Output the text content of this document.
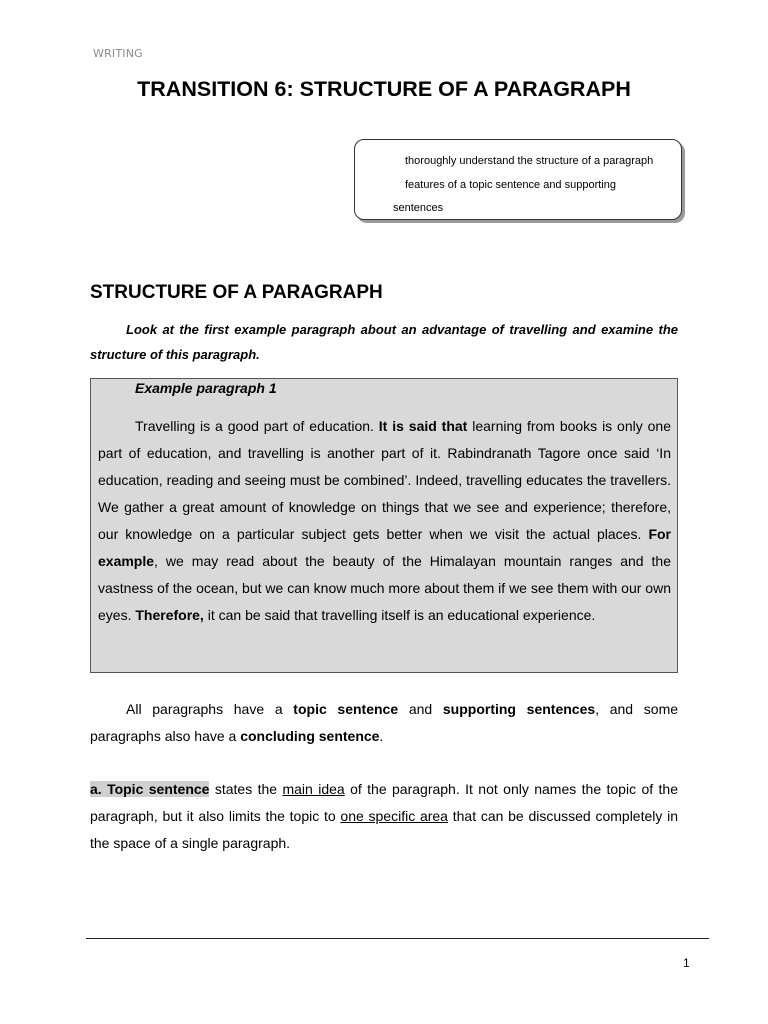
WRITING
TRANSITION 6: STRUCTURE OF A PARAGRAPH
thoroughly understand the structure of a paragraph
features of a topic sentence and supporting
sentences
STRUCTURE OF A PARAGRAPH

Look at the first example paragraph about an advantage of travelling and examine the structure of this paragraph.

Example paragraph 1

Travelling is a good part of education. It is said that learning from books is only one part of education, and travelling is another part of it. Rabindranath Tagore once said ‘In education, reading and seeing must be combined’. Indeed, travelling educates the travellers. We gather a great amount of knowledge on things that we see and experience; therefore, our knowledge on a particular subject gets better when we visit the actual places. For example, we may read about the beauty of the Himalayan mountain ranges and the vastness of the ocean, but we can know much more about them if we see them with our own eyes. Therefore, it can be said that travelling itself is an educational experience.

All paragraphs have a topic sentence and supporting sentences, and some paragraphs also have a concluding sentence.

a. Topic sentence states the main idea of the paragraph. It not only names the topic of the paragraph, but it also limits the topic to one specific area that can be discussed completely in the space of a single paragraph.

1
